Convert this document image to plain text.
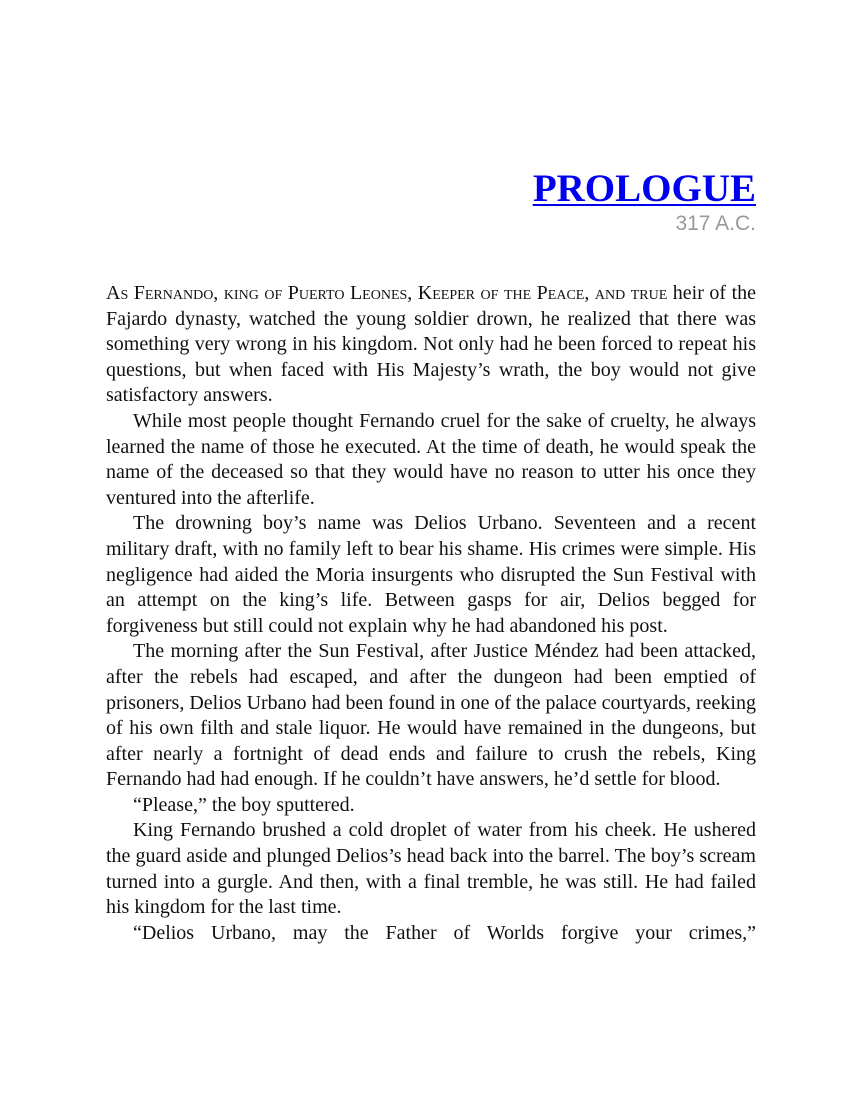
PROLOGUE
317 A.C.

As Fernando, king of Puerto Leones, Keeper of the Peace, and true heir of the Fajardo dynasty, watched the young soldier drown, he realized that there was something very wrong in his kingdom. Not only had he been forced to repeat his questions, but when faced with His Majesty’s wrath, the boy would not give satisfactory answers.

While most people thought Fernando cruel for the sake of cruelty, he always learned the name of those he executed. At the time of death, he would speak the name of the deceased so that they would have no reason to utter his once they ventured into the afterlife.

The drowning boy’s name was Delios Urbano. Seventeen and a recent military draft, with no family left to bear his shame. His crimes were simple. His negligence had aided the Moria insurgents who disrupted the Sun Festival with an attempt on the king’s life. Between gasps for air, Delios begged for forgiveness but still could not explain why he had abandoned his post.

The morning after the Sun Festival, after Justice Méndez had been attacked, after the rebels had escaped, and after the dungeon had been emptied of prisoners, Delios Urbano had been found in one of the palace courtyards, reeking of his own filth and stale liquor. He would have remained in the dungeons, but after nearly a fortnight of dead ends and failure to crush the rebels, King Fernando had had enough. If he couldn’t have answers, he’d settle for blood.

“Please,” the boy sputtered.

King Fernando brushed a cold droplet of water from his cheek. He ushered the guard aside and plunged Delios’s head back into the barrel. The boy’s scream turned into a gurgle. And then, with a final tremble, he was still. He had failed his kingdom for the last time.

“Delios Urbano, may the Father of Worlds forgive your crimes,”
